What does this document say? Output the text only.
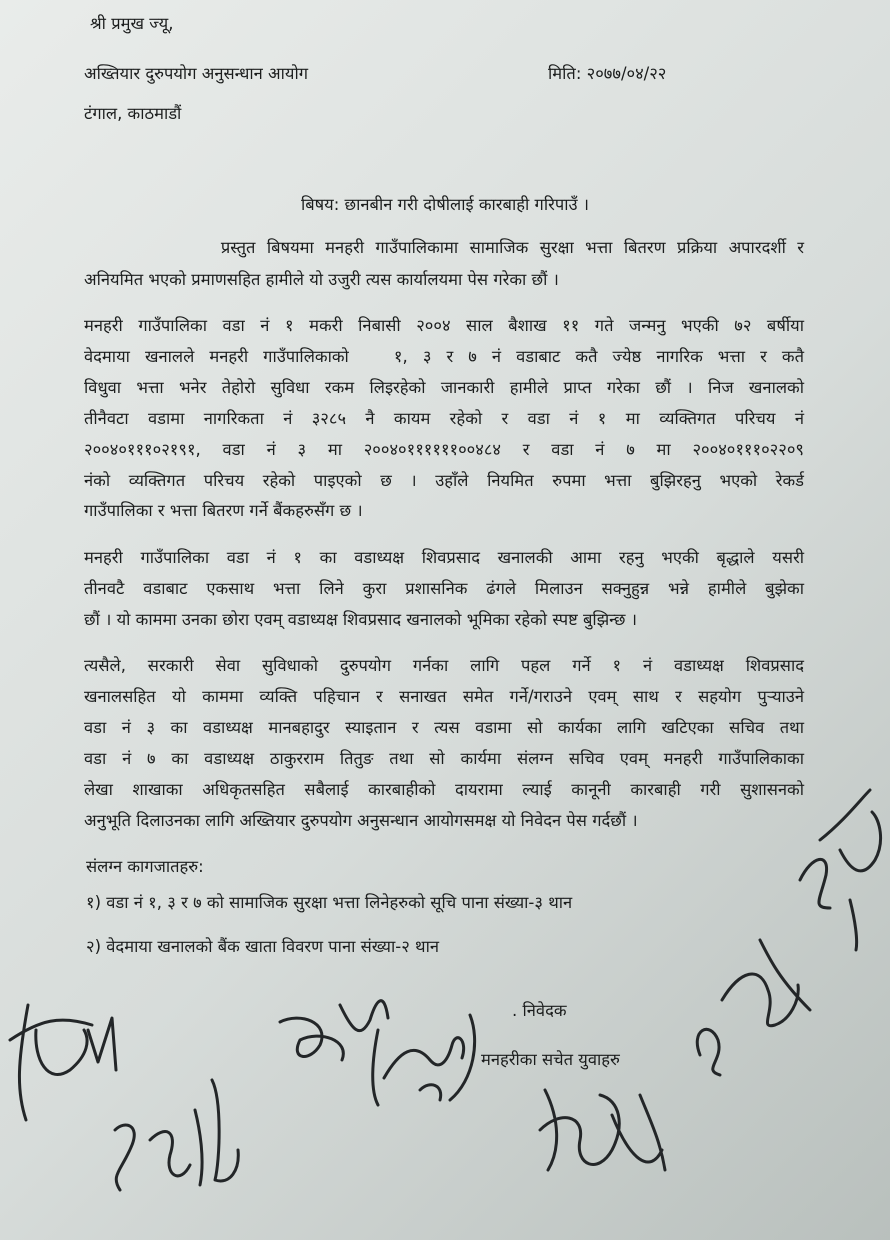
श्री प्रमुख ज्यू,
अख्तियार दुरुपयोग अनुसन्धान आयोग	मिति: २०७७/०४/२२
टंगाल, काठमाडौं
बिषय: छानबीन गरी दोषीलाई कारबाही गरिपाउँ ।
प्रस्तुत बिषयमा मनहरी गाउँपालिकामा सामाजिक सुरक्षा भत्ता बितरण प्रक्रिया अपारदर्शी र
अनियमित भएको प्रमाणसहित हामीले यो उजुरी त्यस कार्यालयमा पेस गरेका छौं ।
मनहरी गाउँपालिका वडा नं १ मकरी निबासी २००४ साल बैशाख ११ गते जन्मनु भएकी ७२ बर्षीया
वेदमाया खनालले मनहरी गाउँपालिकाको   १, ३ र ७ नं वडाबाट कतै ज्येष्ठ नागरिक भत्ता र कतै
विधुवा भत्ता भनेर तेहोरो सुविधा रकम लिइरहेको जानकारी हामीले प्राप्त गरेका छौं । निज खनालको
तीनैवटा वडामा नागरिकता नं ३२८५ नै कायम रहेको र वडा नं १ मा व्यक्तिगत परिचय नं
२००४०१११०२१९१, वडा नं ३ मा २००४०११११११००४८४ र वडा नं ७ मा २००४०१११०२२०९
नंको व्यक्तिगत परिचय रहेको पाइएको छ । उहाँले नियमित रुपमा भत्ता बुझिरहनु भएको रेकर्ड
गाउँपालिका र भत्ता बितरण गर्ने बैंकहरुसँग छ ।
मनहरी गाउँपालिका वडा नं १ का वडाध्यक्ष शिवप्रसाद खनालकी आमा रहनु भएकी बृद्धाले यसरी
तीनवटै वडाबाट एकसाथ भत्ता लिने कुरा प्रशासनिक ढंगले मिलाउन सक्नुहुन्न भन्ने हामीले बुझेका
छौं । यो काममा उनका छोरा एवम् वडाध्यक्ष शिवप्रसाद खनालको भूमिका रहेको स्पष्ट बुझिन्छ ।
त्यसैले, सरकारी सेवा सुविधाको दुरुपयोग गर्नका लागि पहल गर्ने १ नं वडाध्यक्ष शिवप्रसाद
खनालसहित यो काममा व्यक्ति पहिचान र सनाखत समेत गर्ने/गराउने एवम् साथ र सहयोग पुर्‍याउने
वडा नं ३ का वडाध्यक्ष मानबहादुर स्याइतान र त्यस वडामा सो कार्यका लागि खटिएका सचिव तथा
वडा नं ७ का वडाध्यक्ष ठाकुरराम तितुङ तथा सो कार्यमा संलग्न सचिव एवम् मनहरी गाउँपालिकाका
लेखा शाखाका अधिकृतसहित सबैलाई कारबाहीको दायरामा ल्याई कानूनी कारबाही गरी सुशासनको
अनुभूति दिलाउनका लागि अख्तियार दुरुपयोग अनुसन्धान आयोगसमक्ष यो निवेदन पेस गर्दछौं ।
संलग्न कागजातहरु:
१) वडा नं १, ३ र ७ को सामाजिक सुरक्षा भत्ता लिनेहरुको सूचि पाना संख्या-३ थान
२) वेदमाया खनालको बैंक खाता विवरण पाना संख्या-२ थान
. निवेदक
मनहरीका सचेत युवाहरु
